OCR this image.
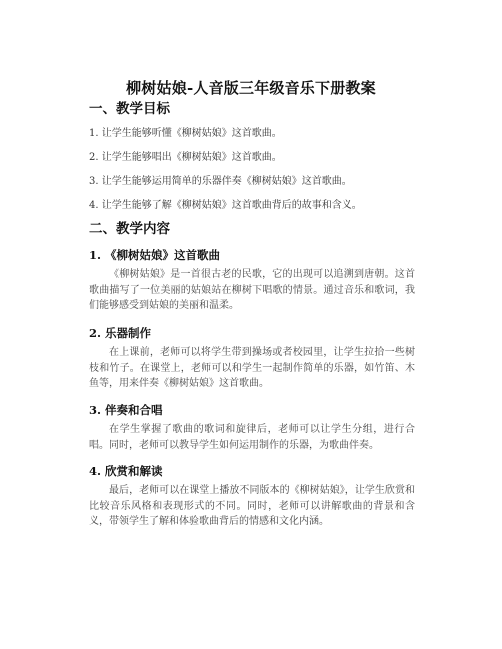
柳树姑娘-人音版三年级音乐下册教案
一、教学目标
1. 让学生能够听懂《柳树姑娘》这首歌曲。
2. 让学生能够唱出《柳树姑娘》这首歌曲。
3. 让学生能够运用简单的乐器伴奏《柳树姑娘》这首歌曲。
4. 让学生能够了解《柳树姑娘》这首歌曲背后的故事和含义。
二、教学内容
1. 《柳树姑娘》这首歌曲
《柳树姑娘》是一首很古老的民歌，它的出现可以追溯到唐朝。这首歌曲描写了一位美丽的姑娘站在柳树下唱歌的情景。通过音乐和歌词，我们能够感受到姑娘的美丽和温柔。
2. 乐器制作
在上课前，老师可以将学生带到操场或者校园里，让学生拉拾一些树枝和竹子。在课堂上，老师可以和学生一起制作简单的乐器，如竹笛、木鱼等，用来伴奏《柳树姑娘》这首歌曲。
3. 伴奏和合唱
在学生掌握了歌曲的歌词和旋律后，老师可以让学生分组，进行合唱。同时，老师可以教导学生如何运用制作的乐器，为歌曲伴奏。
4. 欣赏和解读
最后，老师可以在课堂上播放不同版本的《柳树姑娘》，让学生欣赏和比较音乐风格和表现形式的不同。同时，老师可以讲解歌曲的背景和含义，带领学生了解和体验歌曲背后的情感和文化内涵。
